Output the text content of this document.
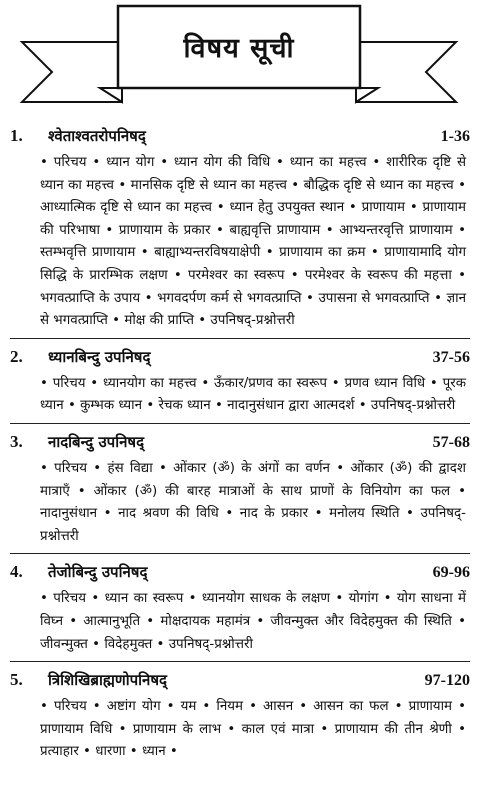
विषय सूची
1.	श्वेताश्वतरोपनिषद्	1-36
• परिचय • ध्यान योग • ध्यान योग की विधि • ध्यान का महत्त्व • शारीरिक दृष्टि से ध्यान का महत्त्व • मानसिक दृष्टि से ध्यान का महत्त्व • बौद्धिक दृष्टि से ध्यान का महत्त्व • आध्यात्मिक दृष्टि से ध्यान का महत्त्व • ध्यान हेतु उपयुक्त स्थान • प्राणायाम • प्राणायाम की परिभाषा • प्राणायाम के प्रकार • बाह्यवृत्ति प्राणायाम • आभ्यन्तरवृत्ति प्राणायाम • स्तम्भवृत्ति प्राणायाम • बाह्याभ्यन्तरविषयाक्षेपी • प्राणायाम का क्रम • प्राणायामादि योग सिद्धि के प्रारम्भिक लक्षण • परमेश्वर का स्वरूप • परमेश्वर के स्वरूप की महत्ता • भगवत्प्राप्ति के उपाय • भगवदर्पण कर्म से भगवत्प्राप्ति • उपासना से भगवत्प्राप्ति • ज्ञान से भगवत्प्राप्ति • मोक्ष की प्राप्ति • उपनिषद्-प्रश्नोत्तरी
2.	ध्यानबिन्दु उपनिषद्	37-56
• परिचय • ध्यानयोग का महत्त्व • ऊँकार/प्रणव का स्वरूप • प्रणव ध्यान विधि • पूरक ध्यान • कुम्भक ध्यान • रेचक ध्यान • नादानुसंधान द्वारा आत्मदर्श • उपनिषद्-प्रश्नोत्तरी
3.	नादबिन्दु उपनिषद्	57-68
• परिचय • हंस विद्या • ओंकार (ॐ) के अंगों का वर्णन • ओंकार (ॐ) की द्वादश मात्राएँ • ओंकार (ॐ) की बारह मात्राओं के साथ प्राणों के विनियोग का फल • नादानुसंधान • नाद श्रवण की विधि • नाद के प्रकार • मनोलय स्थिति • उपनिषद्-प्रश्नोत्तरी
4.	तेजोबिन्दु उपनिषद्	69-96
• परिचय • ध्यान का स्वरूप • ध्यानयोग साधक के लक्षण • योगांग • योग साधना में विघ्न • आत्मानुभूति • मोक्षदायक महामंत्र • जीवन्मुक्त और विदेहमुक्त की स्थिति • जीवन्मुक्त • विदेहमुक्त • उपनिषद्-प्रश्नोत्तरी
5.	त्रिशिखिब्राह्मणोपनिषद्	97-120
• परिचय • अष्टांग योग • यम • नियम • आसन • आसन का फल • प्राणायाम • प्राणायाम विधि • प्राणायाम के लाभ • काल एवं मात्रा • प्राणायाम की तीन श्रेणी • प्रत्याहार • धारणा • ध्यान •
